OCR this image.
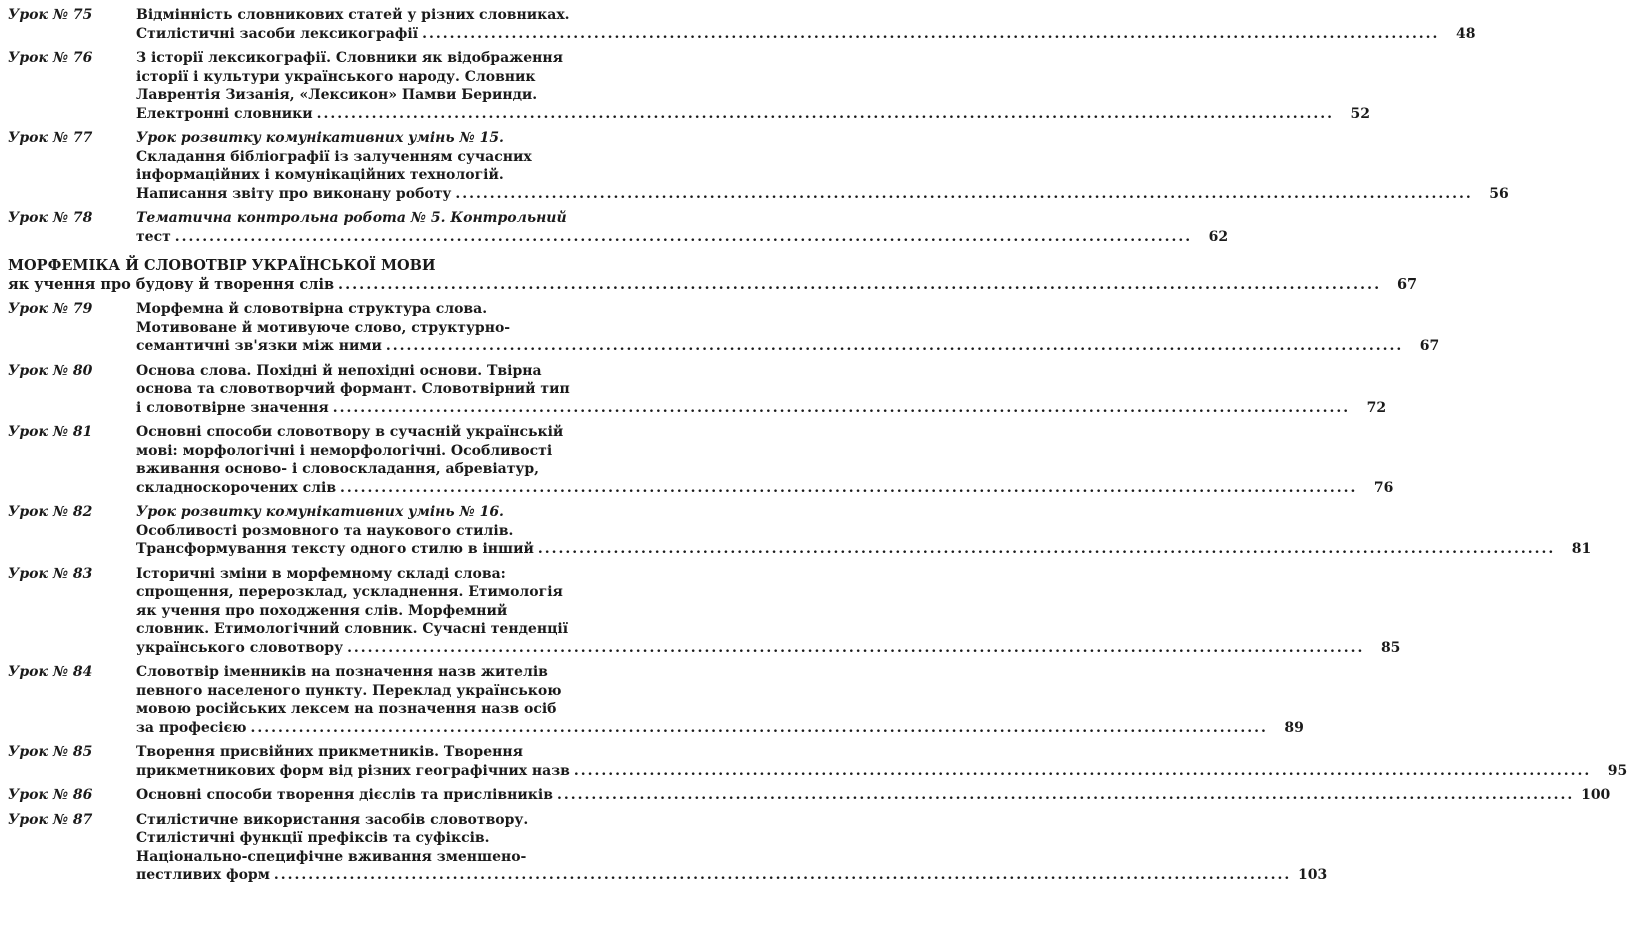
Урок № 75	Відмінність словникових статей у різних словниках.
Стилістичні засоби лексикографії .....	48
Урок № 76	З історії лексикографії. Словники як відображення
історії і культури українського народу. Словник
Лаврентія Зизанія, «Лексикон» Памви Беринди.
Електронні словники .....	52
Урок № 77	Урок розвитку комунікативних умінь № 15.
Складання бібліографії із залученням сучасних
інформаційних і комунікаційних технологій.
Написання звіту про виконану роботу .....	56
Урок № 78	Тематична контрольна робота № 5. Контрольний
тест .....	62
МОРФЕМІКА Й СЛОВОТВІР УКРАЇНСЬКОЇ МОВИ
як учення про будову й творення слів .....	67
Урок № 79	Морфемна й словотвірна структура слова.
Мотивоване й мотивуюче слово, структурно-
семантичні зв'язки між ними .....	67
Урок № 80	Основа слова. Похідні й непохідні основи. Твірна
основа та словотворчий формант. Словотвірний тип
і словотвірне значення .....	72
Урок № 81	Основні способи словотвору в сучасній українській
мові: морфологічні і неморфологічні. Особливості
вживання осново- і словоскладання, абревіатур,
складноскорочених слів .....	76
Урок № 82	Урок розвитку комунікативних умінь № 16.
Особливості розмовного та наукового стилів.
Трансформування тексту одного стилю в інший .....	81
Урок № 83	Історичні зміни в морфемному складі слова:
спрощення, перерозклад, ускладнення. Етимологія
як учення про походження слів. Морфемний
словник. Етимологічний словник. Сучасні тенденції
українського словотвору .....	85
Урок № 84	Словотвір іменників на позначення назв жителів
певного населеного пункту. Переклад українською
мовою російських лексем на позначення назв осіб
за професією .....	89
Урок № 85	Творення присвійних прикметників. Творення
прикметникових форм від різних географічних назв .....	95
Урок № 86	Основні способи творення дієслів та прислівників .....	100
Урок № 87	Стилістичне використання засобів словотвору.
Стилістичні функції префіксів та суфіксів.
Національно-специфічне вживання зменшено-
пестливих форм .....	103
